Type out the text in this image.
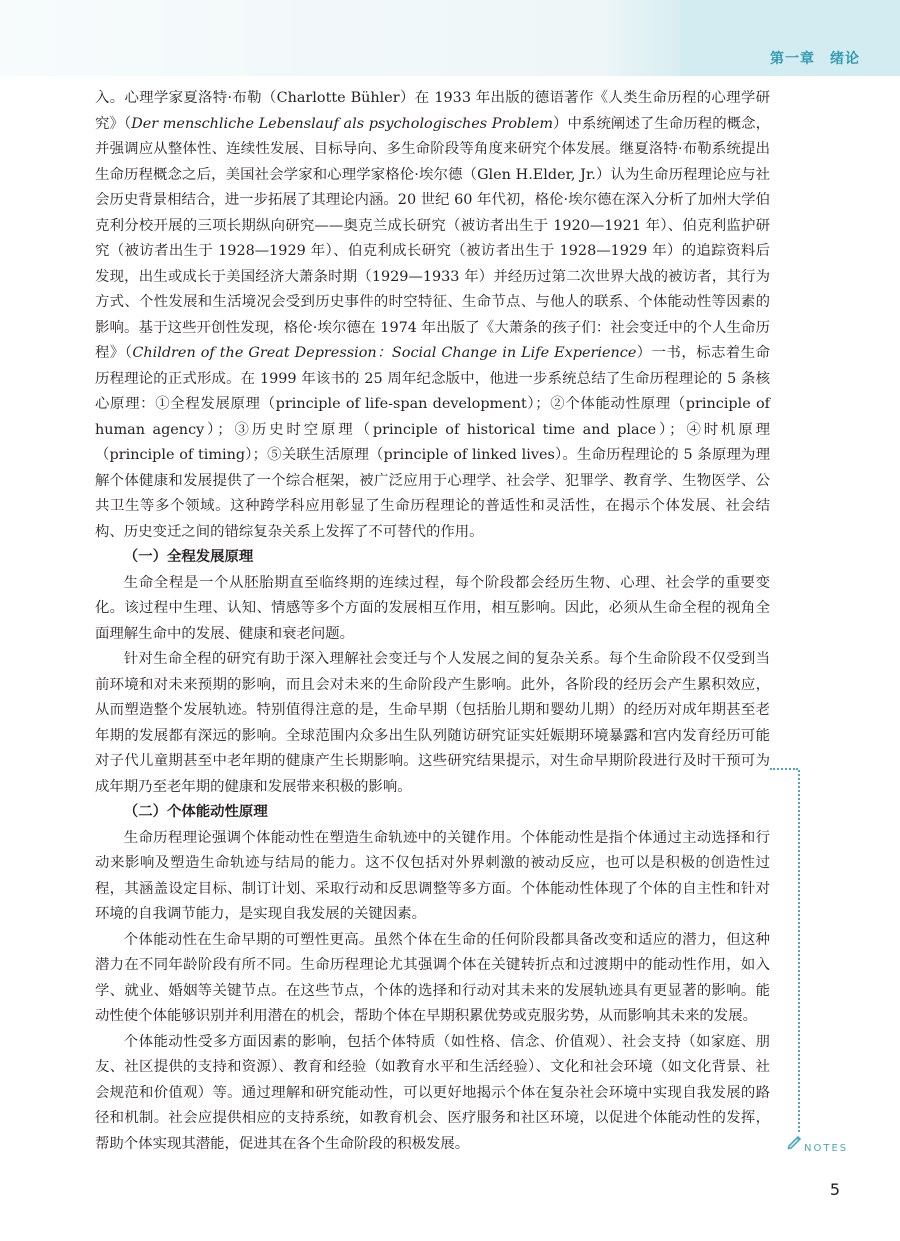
第一章　绪论

入。心理学家夏洛特·布勒（Charlotte Bühler）在 1933 年出版的德语著作《人类生命历程的心理学研究》（Der menschliche Lebenslauf als psychologisches Problem）中系统阐述了生命历程的概念，并强调应从整体性、连续性发展、目标导向、多生命阶段等角度来研究个体发展。继夏洛特·布勒系统提出生命历程概念之后，美国社会学家和心理学家格伦·埃尔德（Glen H.Elder, Jr.）认为生命历程理论应与社会历史背景相结合，进一步拓展了其理论内涵。20 世纪 60 年代初，格伦·埃尔德在深入分析了加州大学伯克利分校开展的三项长期纵向研究——奥克兰成长研究（被访者出生于 1920—1921 年）、伯克利监护研究（被访者出生于 1928—1929 年）、伯克利成长研究（被访者出生于 1928—1929 年）的追踪资料后发现，出生或成长于美国经济大萧条时期（1929—1933 年）并经历过第二次世界大战的被访者，其行为方式、个性发展和生活境况会受到历史事件的时空特征、生命节点、与他人的联系、个体能动性等因素的影响。基于这些开创性发现，格伦·埃尔德在 1974 年出版了《大萧条的孩子们：社会变迁中的个人生命历程》（Children of the Great Depression：Social Change in Life Experience）一书，标志着生命历程理论的正式形成。在 1999 年该书的 25 周年纪念版中，他进一步系统总结了生命历程理论的 5 条核心原理：①全程发展原理（principle of life-span development）；②个体能动性原理（principle of human agency）；③历史时空原理（principle of historical time and place）；④时机原理（principle of timing）；⑤关联生活原理（principle of linked lives）。生命历程理论的 5 条原理为理解个体健康和发展提供了一个综合框架，被广泛应用于心理学、社会学、犯罪学、教育学、生物医学、公共卫生等多个领域。这种跨学科应用彰显了生命历程理论的普适性和灵活性，在揭示个体发展、社会结构、历史变迁之间的错综复杂关系上发挥了不可替代的作用。

（一）全程发展原理

生命全程是一个从胚胎期直至临终期的连续过程，每个阶段都会经历生物、心理、社会学的重要变化。该过程中生理、认知、情感等多个方面的发展相互作用，相互影响。因此，必须从生命全程的视角全面理解生命中的发展、健康和衰老问题。

针对生命全程的研究有助于深入理解社会变迁与个人发展之间的复杂关系。每个生命阶段不仅受到当前环境和对未来预期的影响，而且会对未来的生命阶段产生影响。此外，各阶段的经历会产生累积效应，从而塑造整个发展轨迹。特别值得注意的是，生命早期（包括胎儿期和婴幼儿期）的经历对成年期甚至老年期的发展都有深远的影响。全球范围内众多出生队列随访研究证实妊娠期环境暴露和宫内发育经历可能对子代儿童期甚至中老年期的健康产生长期影响。这些研究结果提示，对生命早期阶段进行及时干预可为成年期乃至老年期的健康和发展带来积极的影响。

（二）个体能动性原理

生命历程理论强调个体能动性在塑造生命轨迹中的关键作用。个体能动性是指个体通过主动选择和行动来影响及塑造生命轨迹与结局的能力。这不仅包括对外界刺激的被动反应，也可以是积极的创造性过程，其涵盖设定目标、制订计划、采取行动和反思调整等多方面。个体能动性体现了个体的自主性和针对环境的自我调节能力，是实现自我发展的关键因素。

个体能动性在生命早期的可塑性更高。虽然个体在生命的任何阶段都具备改变和适应的潜力，但这种潜力在不同年龄阶段有所不同。生命历程理论尤其强调个体在关键转折点和过渡期中的能动性作用，如入学、就业、婚姻等关键节点。在这些节点，个体的选择和行动对其未来的发展轨迹具有更显著的影响。能动性使个体能够识别并利用潜在的机会，帮助个体在早期积累优势或克服劣势，从而影响其未来的发展。

个体能动性受多方面因素的影响，包括个体特质（如性格、信念、价值观）、社会支持（如家庭、朋友、社区提供的支持和资源）、教育和经验（如教育水平和生活经验）、文化和社会环境（如文化背景、社会规范和价值观）等。通过理解和研究能动性，可以更好地揭示个体在复杂社会环境中实现自我发展的路径和机制。社会应提供相应的支持系统，如教育机会、医疗服务和社区环境，以促进个体能动性的发挥，帮助个体实现其潜能，促进其在各个生命阶段的积极发展。	NOTES
5
